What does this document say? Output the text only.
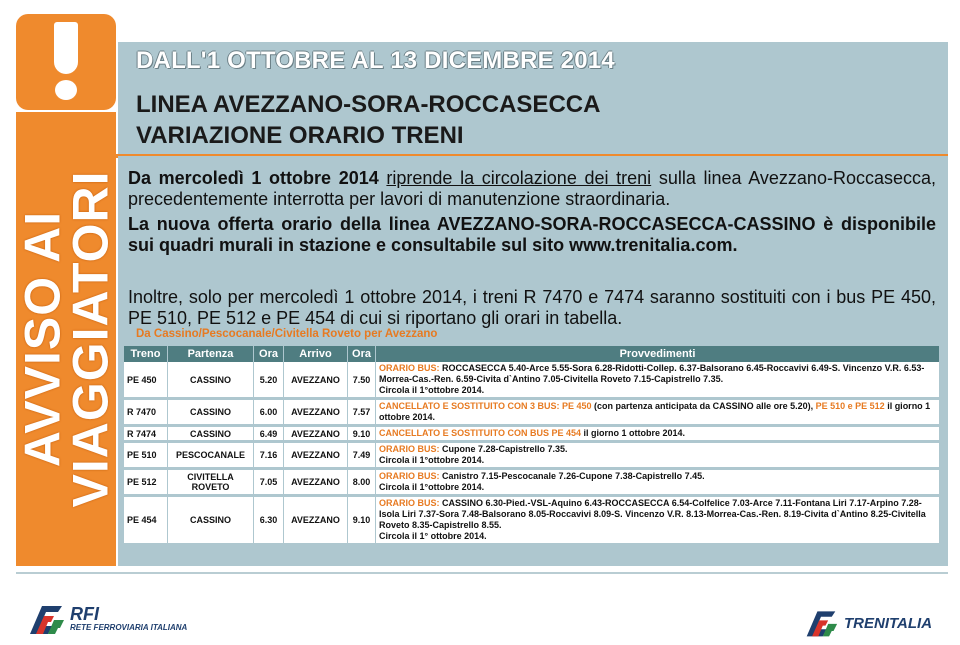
DALL'1 OTTOBRE AL 13 DICEMBRE 2014
LINEA AVEZZANO-SORA-ROCCASECCA
VARIAZIONE ORARIO TRENI
AVVISO AI
VIAGGIATORI Da mercoledì 1 ottobre 2014 riprende la circolazione dei treni sulla linea Avezzano-Roccasecca, precedentemente interrotta per lavori di manutenzione straordinaria.
La nuova offerta orario della linea AVEZZANO-SORA-ROCCASECCA-CASSINO è disponibile sui quadri murali in stazione e consultabile sul sito www.trenitalia.com.
Inoltre, solo per mercoledì 1 ottobre 2014, i treni R 7470 e 7474 saranno sostituiti con i bus PE 450, PE 510, PE 512 e PE 454 di cui si riportano gli orari in tabella.
Da Cassino/Pescocanale/Civitella Roveto per Avezzano
Treno	Partenza	Ora	Arrivo	Ora	Provvedimenti
PE 450	CASSINO	5.20	AVEZZANO	7.50	ORARIO BUS: ROCCASECCA 5.40-Arce 5.55-Sora 6.28-Ridotti-Collep. 6.37-Balsorano 6.45-Roccavivi 6.49-S. Vincenzo V.R. 6.53-Morrea-Cas.-Ren. 6.59-Civita d`Antino 7.05-Civitella Roveto 7.15-Capistrello 7.35.
Circola il 1°ottobre 2014.
R 7470	CASSINO	6.00	AVEZZANO	7.57	CANCELLATO E SOSTITUITO CON 3 BUS: PE 450 (con partenza anticipata da CASSINO alle ore 5.20), PE 510 e PE 512 il giorno 1 ottobre 2014.
R 7474	CASSINO	6.49	AVEZZANO	9.10	CANCELLATO E SOSTITUITO CON BUS PE 454 il giorno 1 ottobre 2014.
PE 510	PESCOCANALE	7.16	AVEZZANO	7.49	ORARIO BUS: Cupone 7.28-Capistrello 7.35.
Circola il 1°ottobre 2014.
PE 512	CIVITELLA ROVETO	7.05	AVEZZANO	8.00	ORARIO BUS: Canistro 7.15-Pescocanale 7.26-Cupone 7.38-Capistrello 7.45.
Circola il 1°ottobre 2014.
PE 454	CASSINO	6.30	AVEZZANO	9.10	ORARIO BUS: CASSINO 6.30-Pied.-VSL-Aquino 6.43-ROCCASECCA 6.54-Colfelice 7.03-Arce 7.11-Fontana Liri 7.17-Arpino 7.28-Isola Liri 7.37-Sora 7.48-Balsorano 8.05-Roccavivi 8.09-S. Vincenzo V.R. 8.13-Morrea-Cas.-Ren. 8.19-Civita d`Antino 8.25-Civitella Roveto 8.35-Capistrello 8.55.
Circola il 1° ottobre 2014.
RFI
RETE FERROVIARIA ITALIANA	TRENITALIA
